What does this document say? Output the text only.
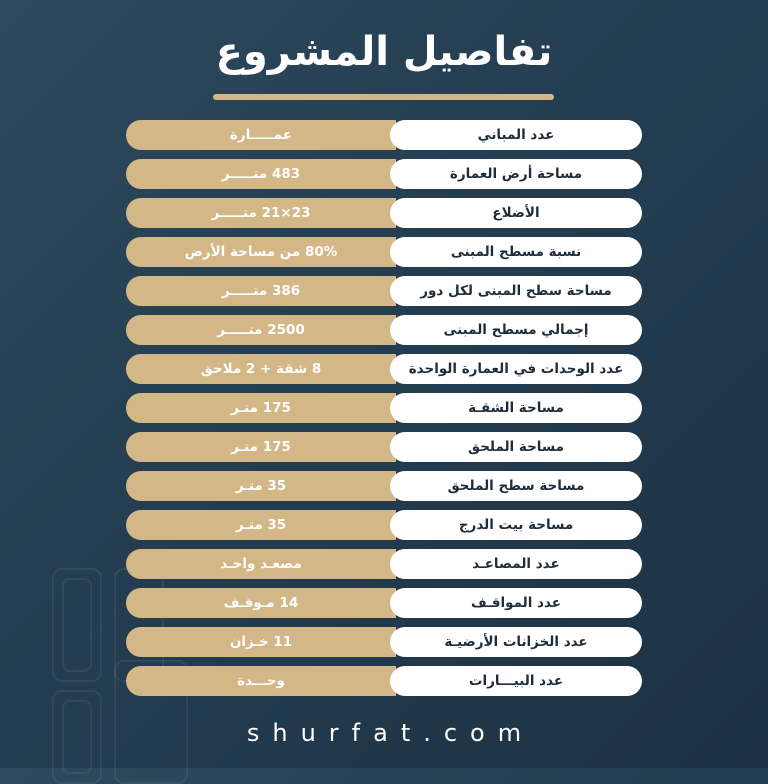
تفاصيل المشروع
عمـــــارة	عدد المباني
483 متـــــر	مساحة أرض العمارة
23×21 متـــــر	الأضلاع
80% من مساحة الأرض	نسبة مسطح المبنى
386 متـــــر	مساحة سطح المبنى لكل دور
2500 متـــــر	إجمالي مسطح المبنى
8 شقة + 2 ملاحق	عدد الوحدات في العمارة الواحدة
175 متـر	مساحة الشقـة
175 متـر	مساحة الملحق
35 متـر	مساحة سطح الملحق
35 متـر	مساحة بيت الدرج
مصعـد واحـد	عدد المصاعـد
14 مـوقـف	عدد المواقـف
11 خـزان	عدد الخزانات الأرضيـة
وحـــدة	عدد البيـــارات
shurfat.com
